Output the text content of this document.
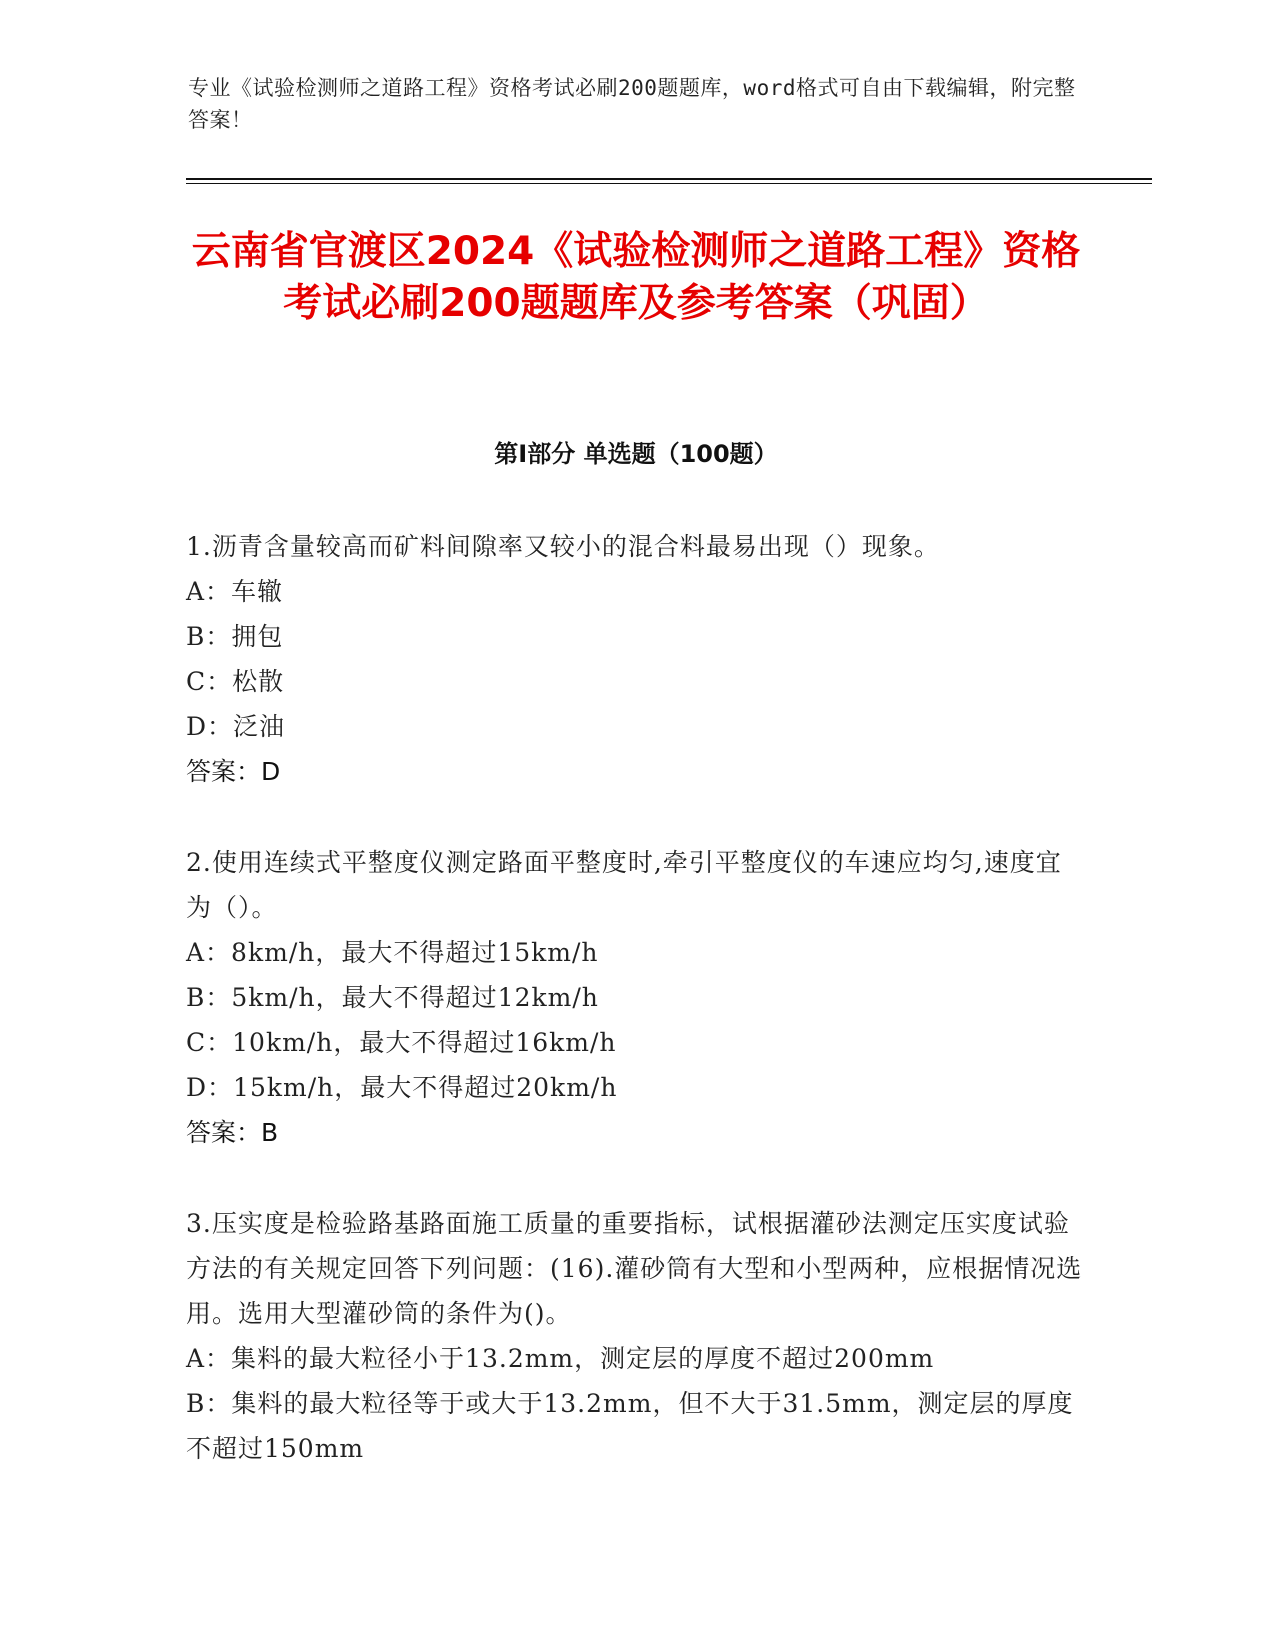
专业《试验检测师之道路工程》资格考试必刷200题题库，word格式可自由下载编辑，附完整答案！
云南省官渡区2024《试验检测师之道路工程》资格考试必刷200题题库及参考答案（巩固）
第Ⅰ部分 单选题（100题）
1.沥青含量较高而矿料间隙率又较小的混合料最易出现（）现象。
A：车辙
B：拥包
C：松散
D：泛油
答案：D
2.使用连续式平整度仪测定路面平整度时,牵引平整度仪的车速应均匀,速度宜为（）。
A：8km/h，最大不得超过15km/h
B：5km/h，最大不得超过12km/h
C：10km/h，最大不得超过16km/h
D：15km/h，最大不得超过20km/h
答案：B
3.压实度是检验路基路面施工质量的重要指标，试根据灌砂法测定压实度试验方法的有关规定回答下列问题：(16).灌砂筒有大型和小型两种，应根据情况选用。选用大型灌砂筒的条件为()。
A：集料的最大粒径小于13.2mm，测定层的厚度不超过200mm
B：集料的最大粒径等于或大于13.2mm，但不大于31.5mm，测定层的厚度不超过150mm
